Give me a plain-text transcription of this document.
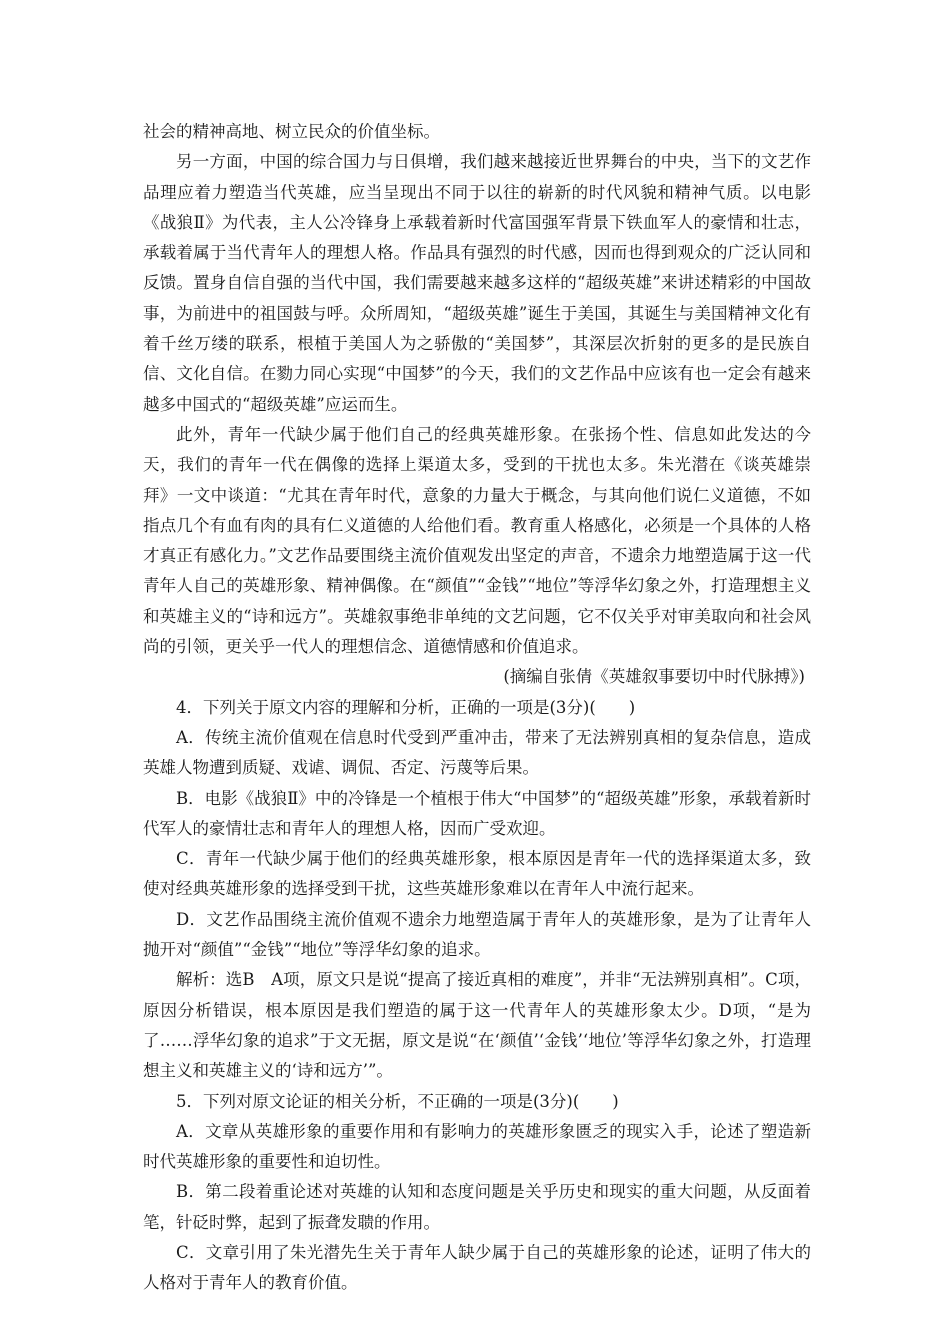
社会的精神高地、树立民众的价值坐标。

另一方面，中国的综合国力与日俱增，我们越来越接近世界舞台的中央，当下的文艺作品理应着力塑造当代英雄，应当呈现出不同于以往的崭新的时代风貌和精神气质。以电影《战狼Ⅱ》为代表，主人公冷锋身上承载着新时代富国强军背景下铁血军人的豪情和壮志，承载着属于当代青年人的理想人格。作品具有强烈的时代感，因而也得到观众的广泛认同和反馈。置身自信自强的当代中国，我们需要越来越多这样的“超级英雄”来讲述精彩的中国故事，为前进中的祖国鼓与呼。众所周知，“超级英雄”诞生于美国，其诞生与美国精神文化有着千丝万缕的联系，根植于美国人为之骄傲的“美国梦”，其深层次折射的更多的是民族自信、文化自信。在勠力同心实现“中国梦”的今天，我们的文艺作品中应该有也一定会有越来越多中国式的“超级英雄”应运而生。

此外，青年一代缺少属于他们自己的经典英雄形象。在张扬个性、信息如此发达的今天，我们的青年一代在偶像的选择上渠道太多，受到的干扰也太多。朱光潜在《谈英雄崇拜》一文中谈道：“尤其在青年时代，意象的力量大于概念，与其向他们说仁义道德，不如指点几个有血有肉的具有仁义道德的人给他们看。教育重人格感化，必须是一个具体的人格才真正有感化力。”文艺作品要围绕主流价值观发出坚定的声音，不遗余力地塑造属于这一代青年人自己的英雄形象、精神偶像。在“颜值”“金钱”“地位”等浮华幻象之外，打造理想主义和英雄主义的“诗和远方”。英雄叙事绝非单纯的文艺问题，它不仅关乎对审美取向和社会风尚的引领，更关乎一代人的理想信念、道德情感和价值追求。

(摘编自张倩《英雄叙事要切中时代脉搏》)

4．下列关于原文内容的理解和分析，正确的一项是(3分)(　　)

A．传统主流价值观在信息时代受到严重冲击，带来了无法辨别真相的复杂信息，造成英雄人物遭到质疑、戏谑、调侃、否定、污蔑等后果。

B．电影《战狼Ⅱ》中的冷锋是一个植根于伟大“中国梦”的“超级英雄”形象，承载着新时代军人的豪情壮志和青年人的理想人格，因而广受欢迎。

C．青年一代缺少属于他们的经典英雄形象，根本原因是青年一代的选择渠道太多，致使对经典英雄形象的选择受到干扰，这些英雄形象难以在青年人中流行起来。

D．文艺作品围绕主流价值观不遗余力地塑造属于青年人的英雄形象，是为了让青年人抛开对“颜值”“金钱”“地位”等浮华幻象的追求。

解析：选B　A项，原文只是说“提高了接近真相的难度”，并非“无法辨别真相”。C项，原因分析错误，根本原因是我们塑造的属于这一代青年人的英雄形象太少。D项，“是为了……浮华幻象的追求”于文无据，原文是说“在‘颜值’‘金钱’‘地位’等浮华幻象之外，打造理想主义和英雄主义的‘诗和远方’”。

5．下列对原文论证的相关分析，不正确的一项是(3分)(　　)

A．文章从英雄形象的重要作用和有影响力的英雄形象匮乏的现实入手，论述了塑造新时代英雄形象的重要性和迫切性。

B．第二段着重论述对英雄的认知和态度问题是关乎历史和现实的重大问题，从反面着笔，针砭时弊，起到了振聋发聩的作用。

C．文章引用了朱光潜先生关于青年人缺少属于自己的英雄形象的论述，证明了伟大的人格对于青年人的教育价值。
